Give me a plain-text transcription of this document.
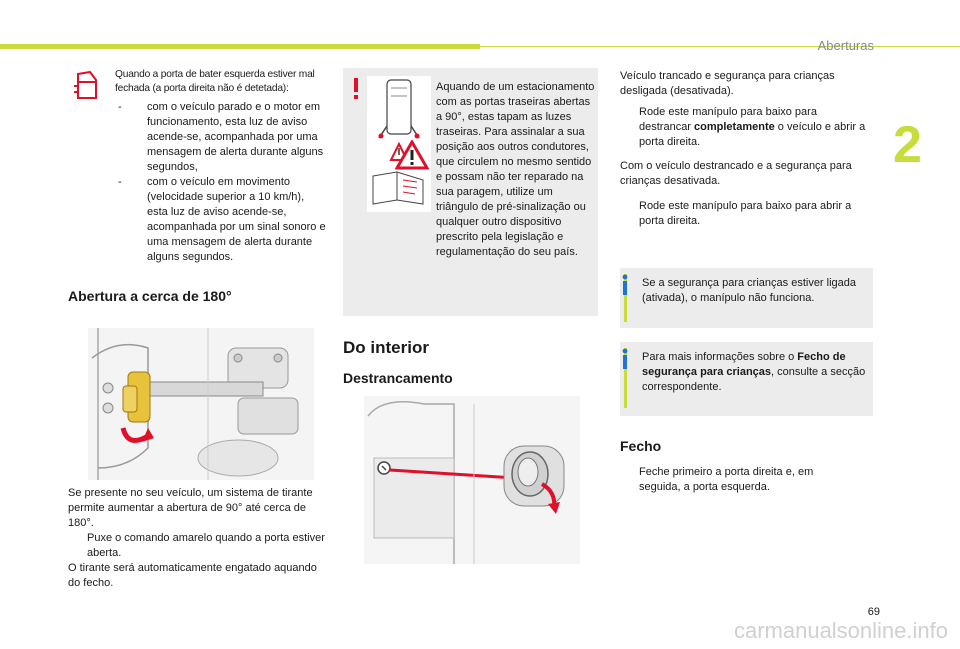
Aberturas
2
Quando a porta de bater esquerda estiver mal fechada (a porta direita não é detetada):
- com o veículo parado e o motor em funcionamento, esta luz de aviso acende-se, acompanhada por uma mensagem de alerta durante alguns segundos,
- com o veículo em movimento (velocidade superior a 10 km/h), esta luz de aviso acende-se, acompanhada por um sinal sonoro e uma mensagem de alerta durante alguns segundos.
Abertura a cerca de 180°
Se presente no seu veículo, um sistema de tirante permite aumentar a abertura de 90° até cerca de 180°.
Puxe o comando amarelo quando a porta estiver aberta.
O tirante será automaticamente engatado aquando do fecho.
Aquando de um estacionamento com as portas traseiras abertas a 90°, estas tapam as luzes traseiras. Para assinalar a sua posição aos outros condutores, que circulem no mesmo sentido e possam não ter reparado na sua paragem, utilize um triângulo de pré-sinalização ou qualquer outro dispositivo prescrito pela legislação e regulamentação do seu país.
Do interior
Destrancamento
Veículo trancado e segurança para crianças desligada (desativada).
Rode este manípulo para baixo para destrancar completamente o veículo e abrir a porta direita.
Com o veículo destrancado e a segurança para crianças desativada.
Rode este manípulo para baixo para abrir a porta direita.
Se a segurança para crianças estiver ligada (ativada), o manípulo não funciona.
Para mais informações sobre o Fecho de segurança para crianças, consulte a secção correspondente.
Fecho
Feche primeiro a porta direita e, em seguida, a porta esquerda.
69
carmanualsonline.info
